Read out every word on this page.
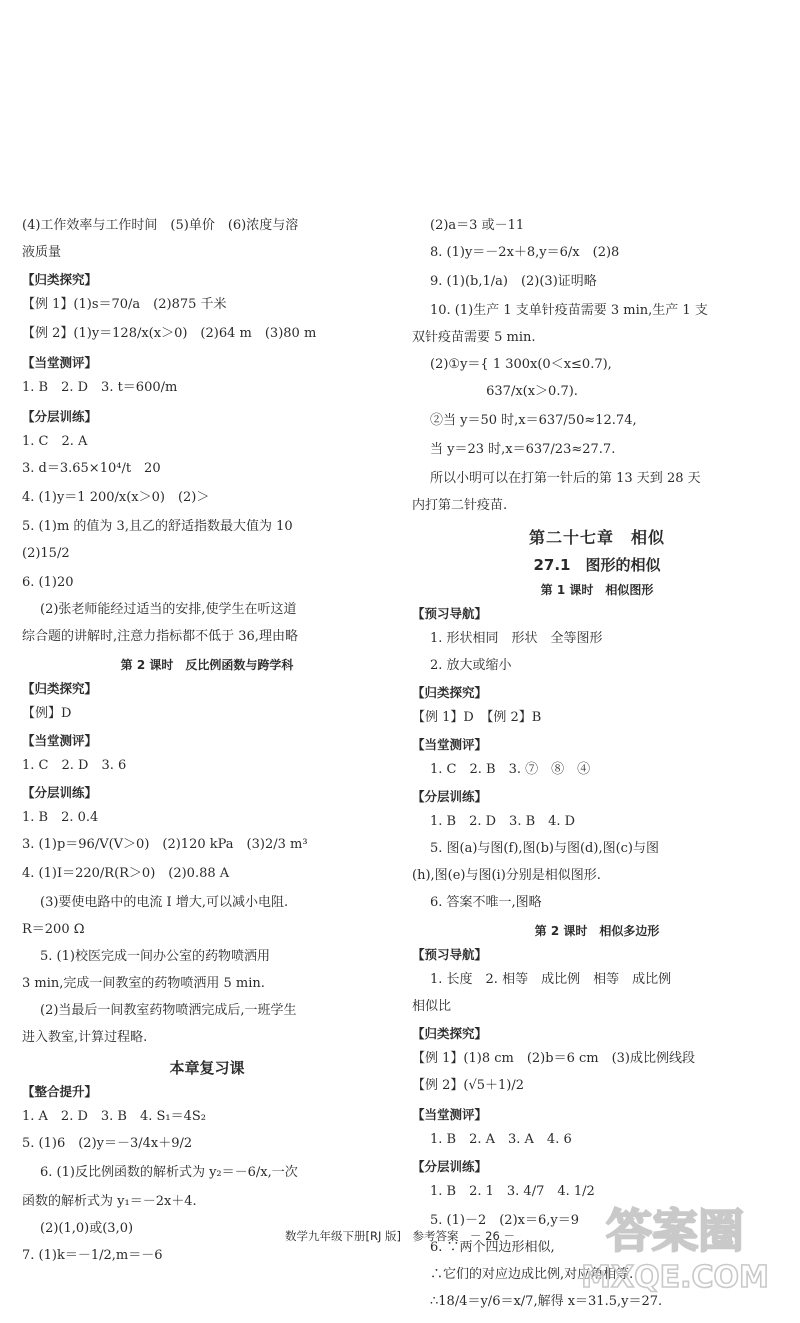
(4)工作效率与工作时间　(5)单价　(6)浓度与溶
液质量
【归类探究】
【例 1】(1)s＝70/a　(2)875 千米
【例 2】(1)y＝128/x(x＞0)　(2)64 m　(3)80 m
【当堂测评】
1. B　2. D　3. t＝600/m
【分层训练】
1. C　2. A
3. d＝3.65×10⁴/t　20
4. (1)y＝1 200/x(x＞0)　(2)＞
5. (1)m 的值为 3,且乙的舒适指数最大值为 10
(2)15/2
6. (1)20
(2)张老师能经过适当的安排,使学生在听这道
综合题的讲解时,注意力指标都不低于 36,理由略
第 2 课时　反比例函数与跨学科
【归类探究】
【例】D
【当堂测评】
1. C　2. D　3. 6
【分层训练】
1. B　2. 0.4
3. (1)p＝96/V(V＞0)　(2)120 kPa　(3)2/3 m³
4. (1)I＝220/R(R＞0)　(2)0.88 A
(3)要使电路中的电流 I 增大,可以减小电阻.
R＝200 Ω
5. (1)校医完成一间办公室的药物喷洒用
3 min,完成一间教室的药物喷洒用 5 min.
(2)当最后一间教室药物喷洒完成后,一班学生
进入教室,计算过程略.
本章复习课
【整合提升】
1. A　2. D　3. B　4. S₁＝4S₂
5. (1)6　(2)y＝－3/4x＋9/2
6. (1)反比例函数的解析式为 y₂＝－6/x,一次
函数的解析式为 y₁＝－2x＋4.
(2)(1,0)或(3,0)
7. (1)k＝－1/2,m＝－6
(2)a＝3 或－11
8. (1)y＝－2x＋8,y＝6/x　(2)8
9. (1)(b,1/a)　(2)(3)证明略
10. (1)生产 1 支单针疫苗需要 3 min,生产 1 支
双针疫苗需要 5 min.
(2)①y＝{ 1 300x(0＜x≤0.7),
　　　　 637/x(x＞0.7).
②当 y＝50 时,x＝637/50≈12.74,
当 y＝23 时,x＝637/23≈27.7.
所以小明可以在打第一针后的第 13 天到 28 天
内打第二针疫苗.
第二十七章　相似
27.1　图形的相似
第 1 课时　相似图形
【预习导航】
1. 形状相同　形状　全等图形
2. 放大或缩小
【归类探究】
【例 1】D　【例 2】B
【当堂测评】
1. C　2. B　3. ⑦　⑧　④
【分层训练】
1. B　2. D　3. B　4. D
5. 图(a)与图(f),图(b)与图(d),图(c)与图
(h),图(e)与图(i)分别是相似图形.
6. 答案不唯一,图略
第 2 课时　相似多边形
【预习导航】
1. 长度　2. 相等　成比例　相等　成比例
相似比
【归类探究】
【例 1】(1)8 cm　(2)b＝6 cm　(3)成比例线段
【例 2】(√5＋1)/2
【当堂测评】
1. B　2. A　3. A　4. 6
【分层训练】
1. B　2. 1　3. 4/7　4. 1/2
5. (1)－2　(2)x＝6,y＝9
6. ∵两个四边形相似,
∴它们的对应边成比例,对应角相等.
∴18/4＝y/6＝x/7,解得 x＝31.5,y＝27.
数学九年级下册[RJ 版]　参考答案　－ 26 －	答案圈
MXQE.COM
